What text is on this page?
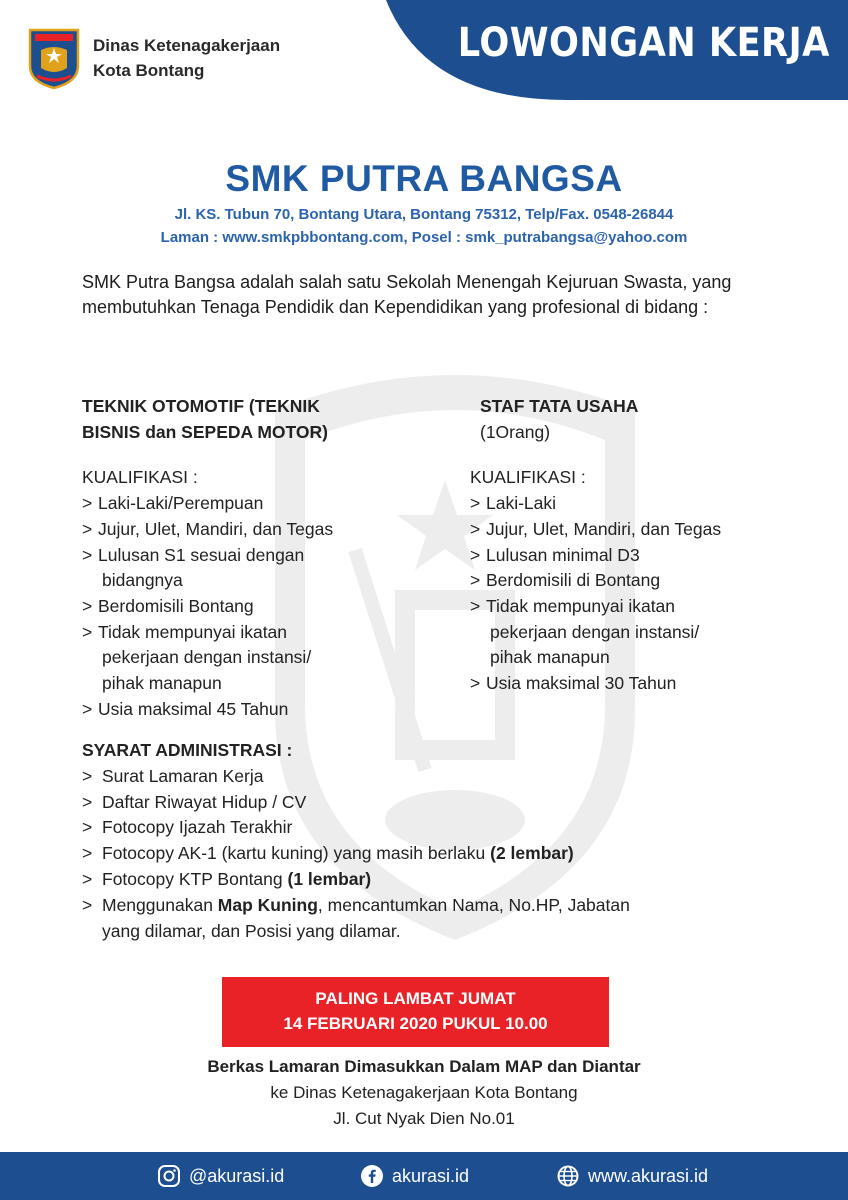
Dinas Ketenagakerjaan
Kota Bontang
LOWONGAN KERJA
SMK PUTRA BANGSA
Jl. KS. Tubun 70, Bontang Utara, Bontang 75312, Telp/Fax. 0548-26844
Laman : www.smkpbbontang.com, Posel : smk_putrabangsa@yahoo.com
SMK Putra Bangsa adalah salah satu Sekolah Menengah Kejuruan Swasta, yang membutuhkan Tenaga Pendidik dan Kependidikan yang profesional di bidang :
TEKNIK OTOMOTIF (TEKNIK
BISNIS dan SEPEDA MOTOR)
KUALIFIKASI :
> Laki-Laki/Perempuan
> Jujur, Ulet, Mandiri, dan Tegas
> Lulusan S1 sesuai dengan
bidangnya
> Berdomisili Bontang
> Tidak mempunyai ikatan
pekerjaan dengan instansi/
pihak manapun
> Usia maksimal 45 Tahun
STAF TATA USAHA
(1Orang)
KUALIFIKASI :
> Laki-Laki
> Jujur, Ulet, Mandiri, dan Tegas
> Lulusan minimal D3
> Berdomisili di Bontang
> Tidak mempunyai ikatan
pekerjaan dengan instansi/
pihak manapun
> Usia maksimal 30 Tahun
SYARAT ADMINISTRASI :
> Surat Lamaran Kerja
> Daftar Riwayat Hidup / CV
> Fotocopy Ijazah Terakhir
> Fotocopy AK-1 (kartu kuning) yang masih berlaku (2 lembar)
> Fotocopy KTP Bontang (1 lembar)
> Menggunakan Map Kuning, mencantumkan Nama, No.HP, Jabatan
yang dilamar, dan Posisi yang dilamar.
PALING LAMBAT JUMAT
14 FEBRUARI 2020 PUKUL 10.00
Berkas Lamaran Dimasukkan Dalam MAP dan Diantar
ke Dinas Ketenagakerjaan Kota Bontang
Jl. Cut Nyak Dien No.01
@akurasi.id	akurasi.id	www.akurasi.id
